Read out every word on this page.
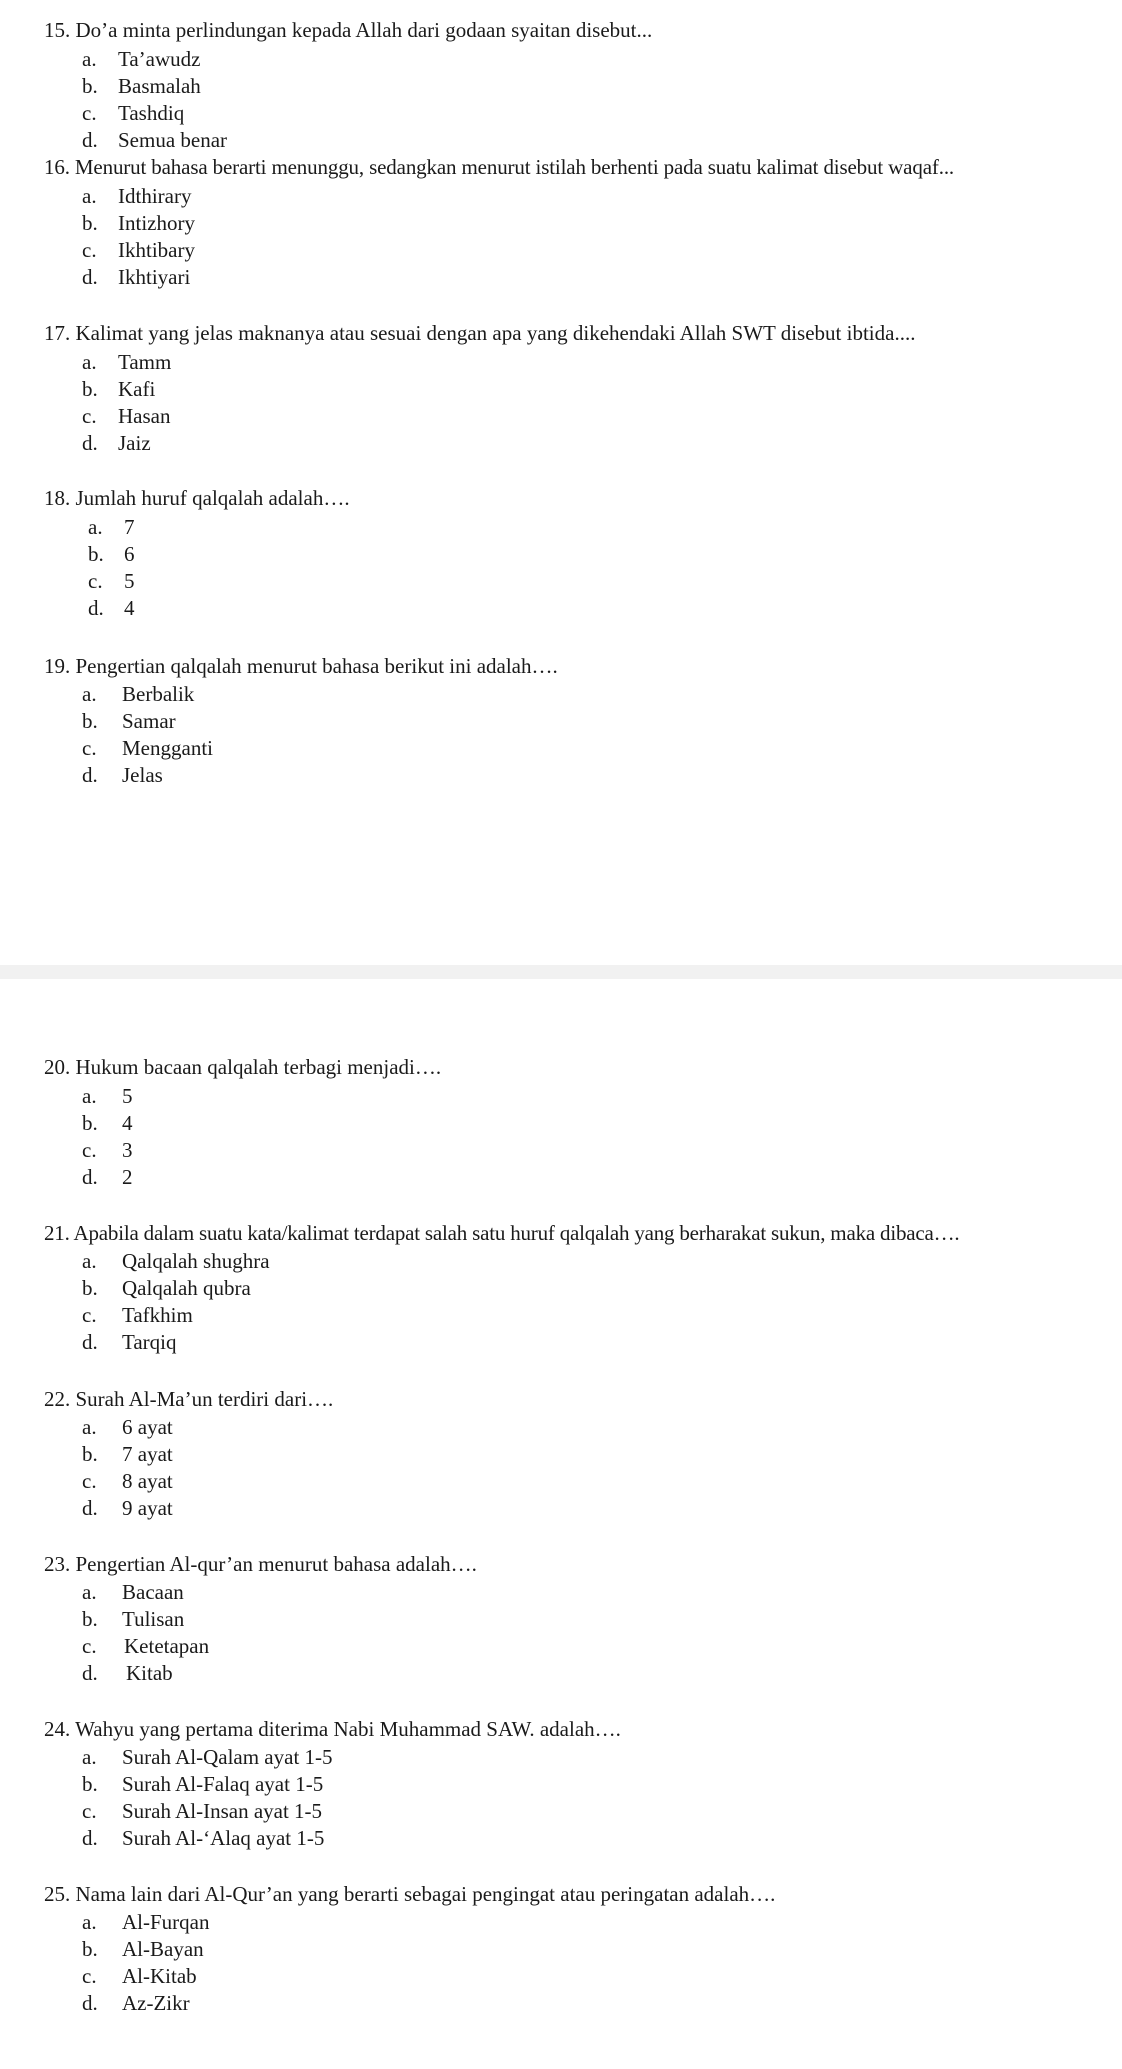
15. Do’a minta perlindungan kepada Allah dari godaan syaitan disebut...
a. Ta’awudz
b. Basmalah
c. Tashdiq
d. Semua benar
16. Menurut bahasa berarti menunggu, sedangkan menurut istilah berhenti pada suatu kalimat disebut waqaf...
a. Idthirary
b. Intizhory
c. Ikhtibary
d. Ikhtiyari
17. Kalimat yang jelas maknanya atau sesuai dengan apa yang dikehendaki Allah SWT disebut ibtida....
a. Tamm
b. Kafi
c. Hasan
d. Jaiz
18. Jumlah huruf qalqalah adalah….
a. 7
b. 6
c. 5
d. 4
19. Pengertian qalqalah menurut bahasa berikut ini adalah….
a. Berbalik
b. Samar
c. Mengganti
d. Jelas
20. Hukum bacaan qalqalah terbagi menjadi….
a. 5
b. 4
c. 3
d. 2
21. Apabila dalam suatu kata/kalimat terdapat salah satu huruf qalqalah yang berharakat sukun, maka dibaca….
a. Qalqalah shughra
b. Qalqalah qubra
c. Tafkhim
d. Tarqiq
22. Surah Al-Ma’un terdiri dari….
a. 6 ayat
b. 7 ayat
c. 8 ayat
d. 9 ayat
23. Pengertian Al-qur’an menurut bahasa adalah….
a. Bacaan
b. Tulisan
c. Ketetapan
d. Kitab
24. Wahyu yang pertama diterima Nabi Muhammad SAW. adalah….
a. Surah Al-Qalam ayat 1-5
b. Surah Al-Falaq ayat 1-5
c. Surah Al-Insan ayat 1-5
d. Surah Al-‘Alaq ayat 1-5
25. Nama lain dari Al-Qur’an yang berarti sebagai pengingat atau peringatan adalah….
a. Al-Furqan
b. Al-Bayan
c. Al-Kitab
d. Az-Zikr
